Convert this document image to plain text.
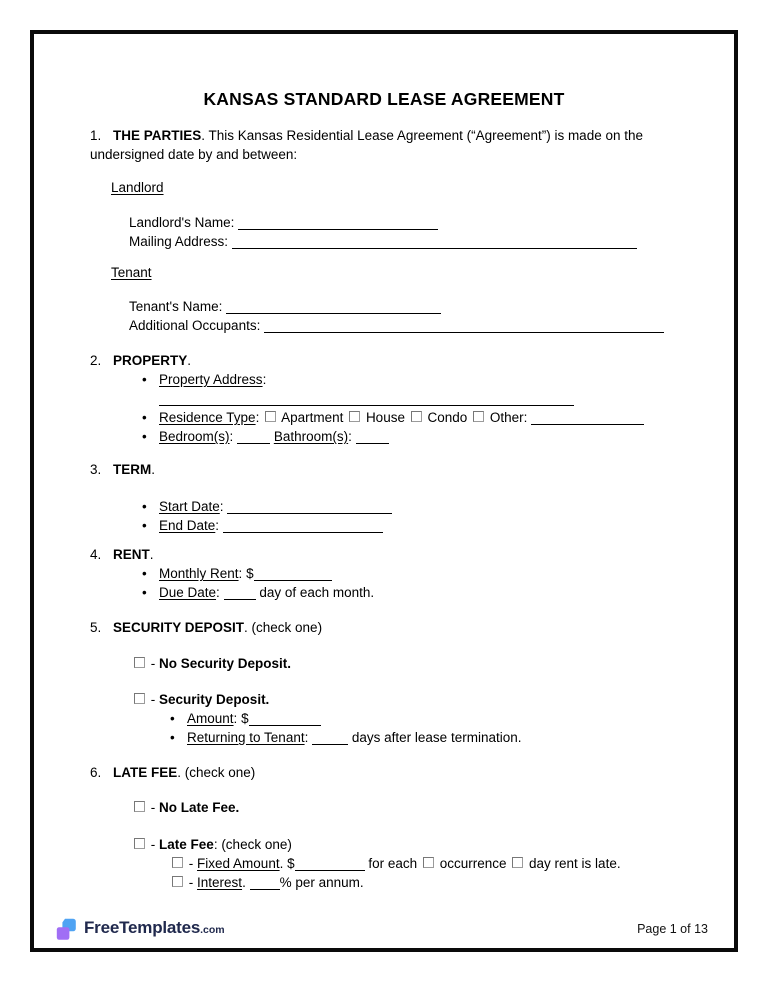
KANSAS STANDARD LEASE AGREEMENT

1. THE PARTIES. This Kansas Residential Lease Agreement (“Agreement”) is made on the undersigned date by and between:

Landlord
Landlord's Name:
Mailing Address:
Tenant
Tenant's Name:
Additional Occupants:
2. PROPERTY.
• Property Address:
• Residence Type: Apartment House Condo Other:
• Bedroom(s):	Bathroom(s):
3. TERM.
• Start Date:
• End Date:
4. RENT.
• Monthly Rent: $
• Due Date:	day of each month.
5. SECURITY DEPOSIT. (check one)
- No Security Deposit.
- Security Deposit.
• Amount: $
• Returning to Tenant:	days after lease termination.
6. LATE FEE. (check one)
- No Late Fee.
- Late Fee: (check one)
- Fixed Amount. $	for each occurrence day rent is late.
- Interest.	% per annum.
FreeTemplates.com	Page 1 of 13
